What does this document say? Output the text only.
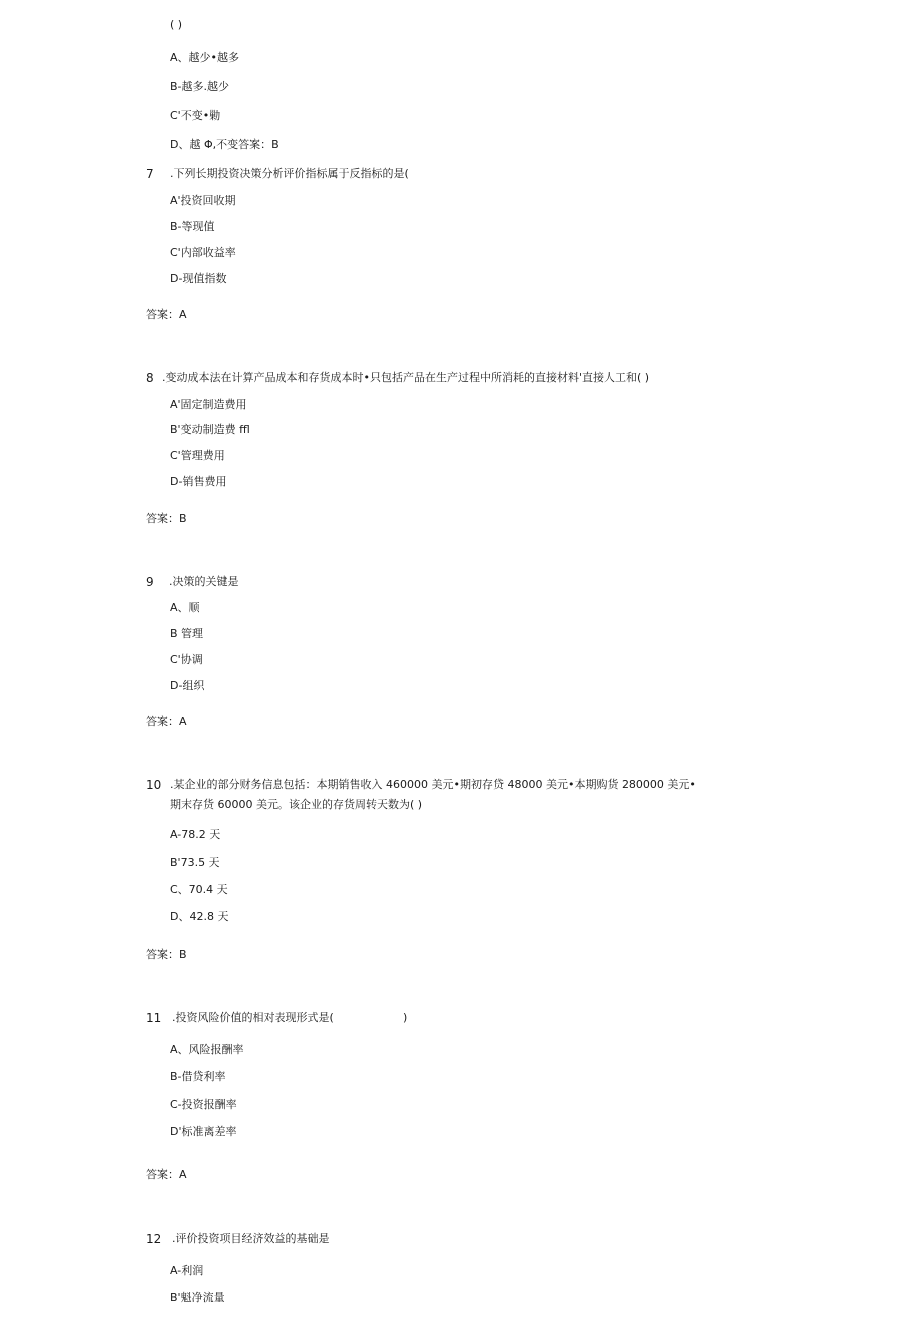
( )
A、越少•越多
B-越多.越少
C'不变•勦
D、越 Φ,不变答案：B
7 .下列长期投资决策分析评价指标属于反指标的是(
A'投资回收期
B-等现值
C'内部收益率
D-现值指数
答案：A
8 .变动成本法在计算产品成本和存货成本时•只包括产品在生产过程中所消耗的直接材料'直接人工和( )
A'固定制造费用
B'变动制造费 ffl
C'管理费用
D-销售费用
答案：B
9 .决策的关键是
A、顺
B 管理
C'协调
D-组织
答案：A
10 .某企业的部分财务信息包括：本期销售收入 460000 美元•期初存贷 48000 美元•本期购货 280000 美元•
期末存货 60000 美元。该企业的存货周转天数为( )
A-78.2 天
B'73.5 天
C、70.4 天
D、42.8 天
答案：B
11 .投资风险价值的相对表现形式是(	)
A、风险报酬率
B-借贷利率
C-投资报酬率
D'标准离差率
答案：A
12 .评价投资项目经济效益的基础是
A-利润
B'魁净流量
